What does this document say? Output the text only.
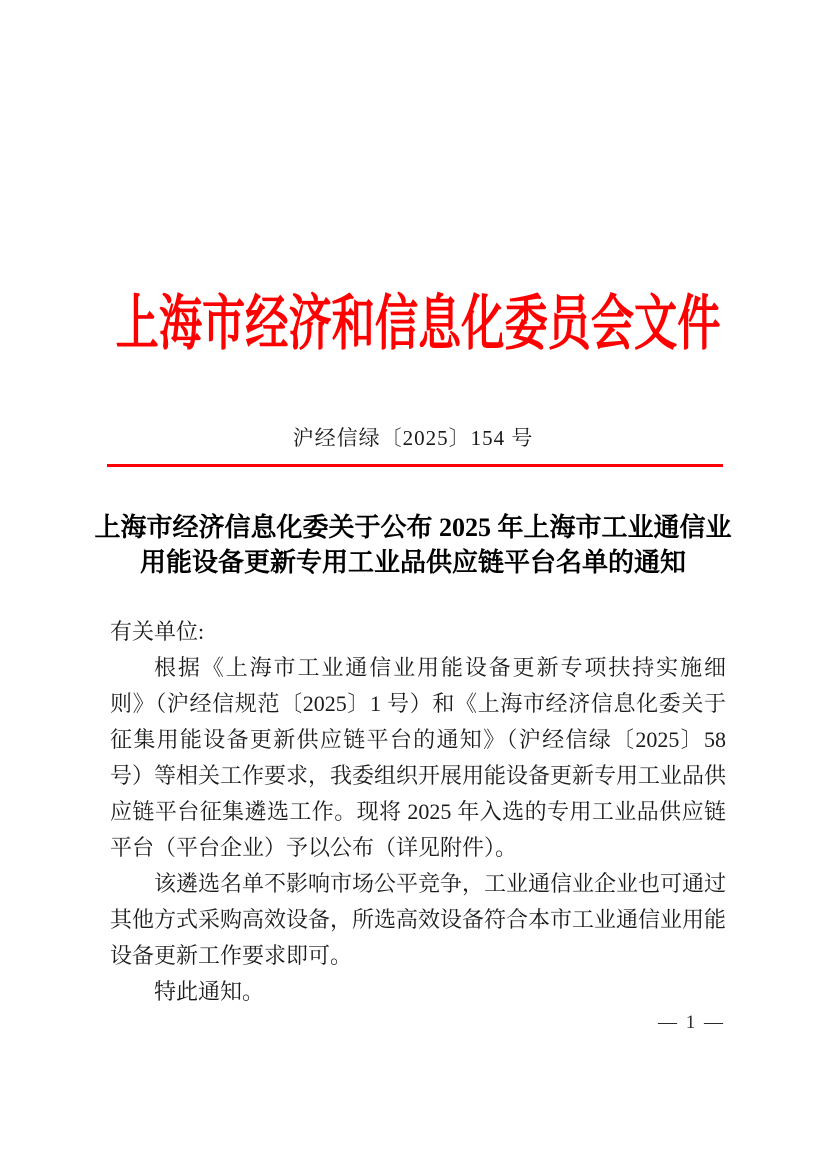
上海市经济和信息化委员会文件
沪经信绿〔2025〕154 号
上海市经济信息化委关于公布 2025 年上海市工业通信业
用能设备更新专用工业品供应链平台名单的通知

有关单位:

根据《上海市工业通信业用能设备更新专项扶持实施细则》（沪经信规范〔2025〕1 号）和《上海市经济信息化委关于征集用能设备更新供应链平台的通知》（沪经信绿〔2025〕58 号）等相关工作要求，我委组织开展用能设备更新专用工业品供应链平台征集遴选工作。现将 2025 年入选的专用工业品供应链平台（平台企业）予以公布（详见附件）。

该遴选名单不影响市场公平竞争，工业通信业企业也可通过其他方式采购高效设备，所选高效设备符合本市工业通信业用能设备更新工作要求即可。

特此通知。

— 1 —
